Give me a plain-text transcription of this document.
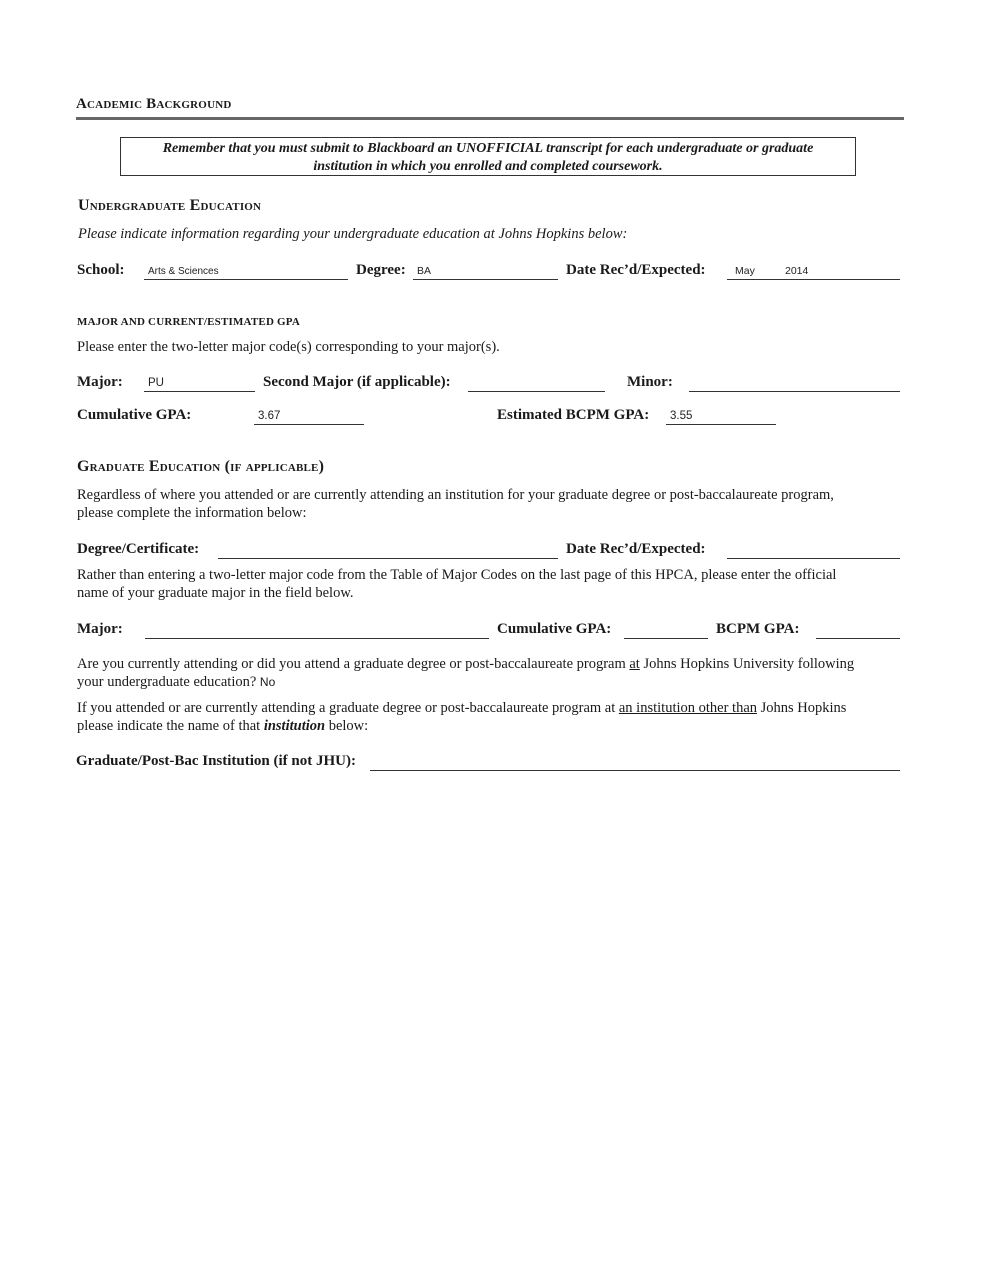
Academic Background
Remember that you must submit to Blackboard an UNOFFICIAL transcript for each undergraduate or graduate
institution in which you enrolled and completed coursework.
Undergraduate Education
Please indicate information regarding your undergraduate education at Johns Hopkins below:
School: Arts & Sciences	Degree: BA	Date Rec’d/Expected:	May	2014
MAJOR AND CURRENT/ESTIMATED GPA
Please enter the two-letter major code(s) corresponding to your major(s).
Major: PU	Second Major (if applicable):	Minor:
Cumulative GPA:	3.67	Estimated BCPM GPA: 3.55
Graduate Education (if applicable)
Regardless of where you attended or are currently attending an institution for your graduate degree or post-baccalaureate program,
please complete the information below:
Degree/Certificate:	Date Rec’d/Expected:
Rather than entering a two-letter major code from the Table of Major Codes on the last page of this HPCA, please enter the official
name of your graduate major in the field below.
Major:	Cumulative GPA:	BCPM GPA:
Are you currently attending or did you attend a graduate degree or post-baccalaureate program at Johns Hopkins University following
your undergraduate education? No
If you attended or are currently attending a graduate degree or post-baccalaureate program at an institution other than Johns Hopkins
please indicate the name of that institution below:
Graduate/Post-Bac Institution (if not JHU):
